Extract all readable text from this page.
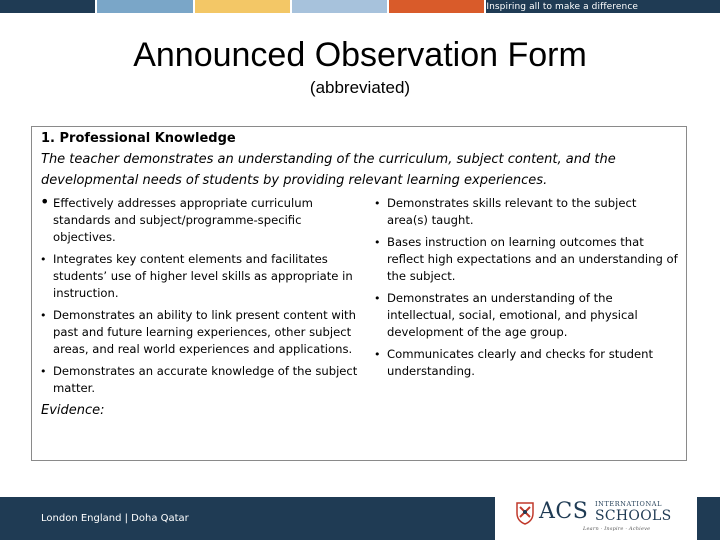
Inspiring all to make a difference
Announced Observation Form
(abbreviated)
1. Professional Knowledge
The teacher demonstrates an understanding of the curriculum, subject content, and the developmental needs of students by providing relevant learning experiences.
• Effectively addresses appropriate curriculum standards and subject/programme-specific objectives.
• Integrates key content elements and facilitates students’ use of higher level skills as appropriate in instruction.
• Demonstrates an ability to link present content with past and future learning experiences, other subject areas, and real world experiences and applications.
• Demonstrates an accurate knowledge of the subject matter.
• Demonstrates skills relevant to the subject area(s) taught.
• Bases instruction on learning outcomes that reflect high expectations and an understanding of the subject.
• Demonstrates an understanding of the intellectual, social, emotional, and physical development of the age group.
• Communicates clearly and checks for student understanding.
Evidence:
London England | Doha Qatar	ACS INTERNATIONAL
SCHOOLS
Learn · Inspire · Achieve
